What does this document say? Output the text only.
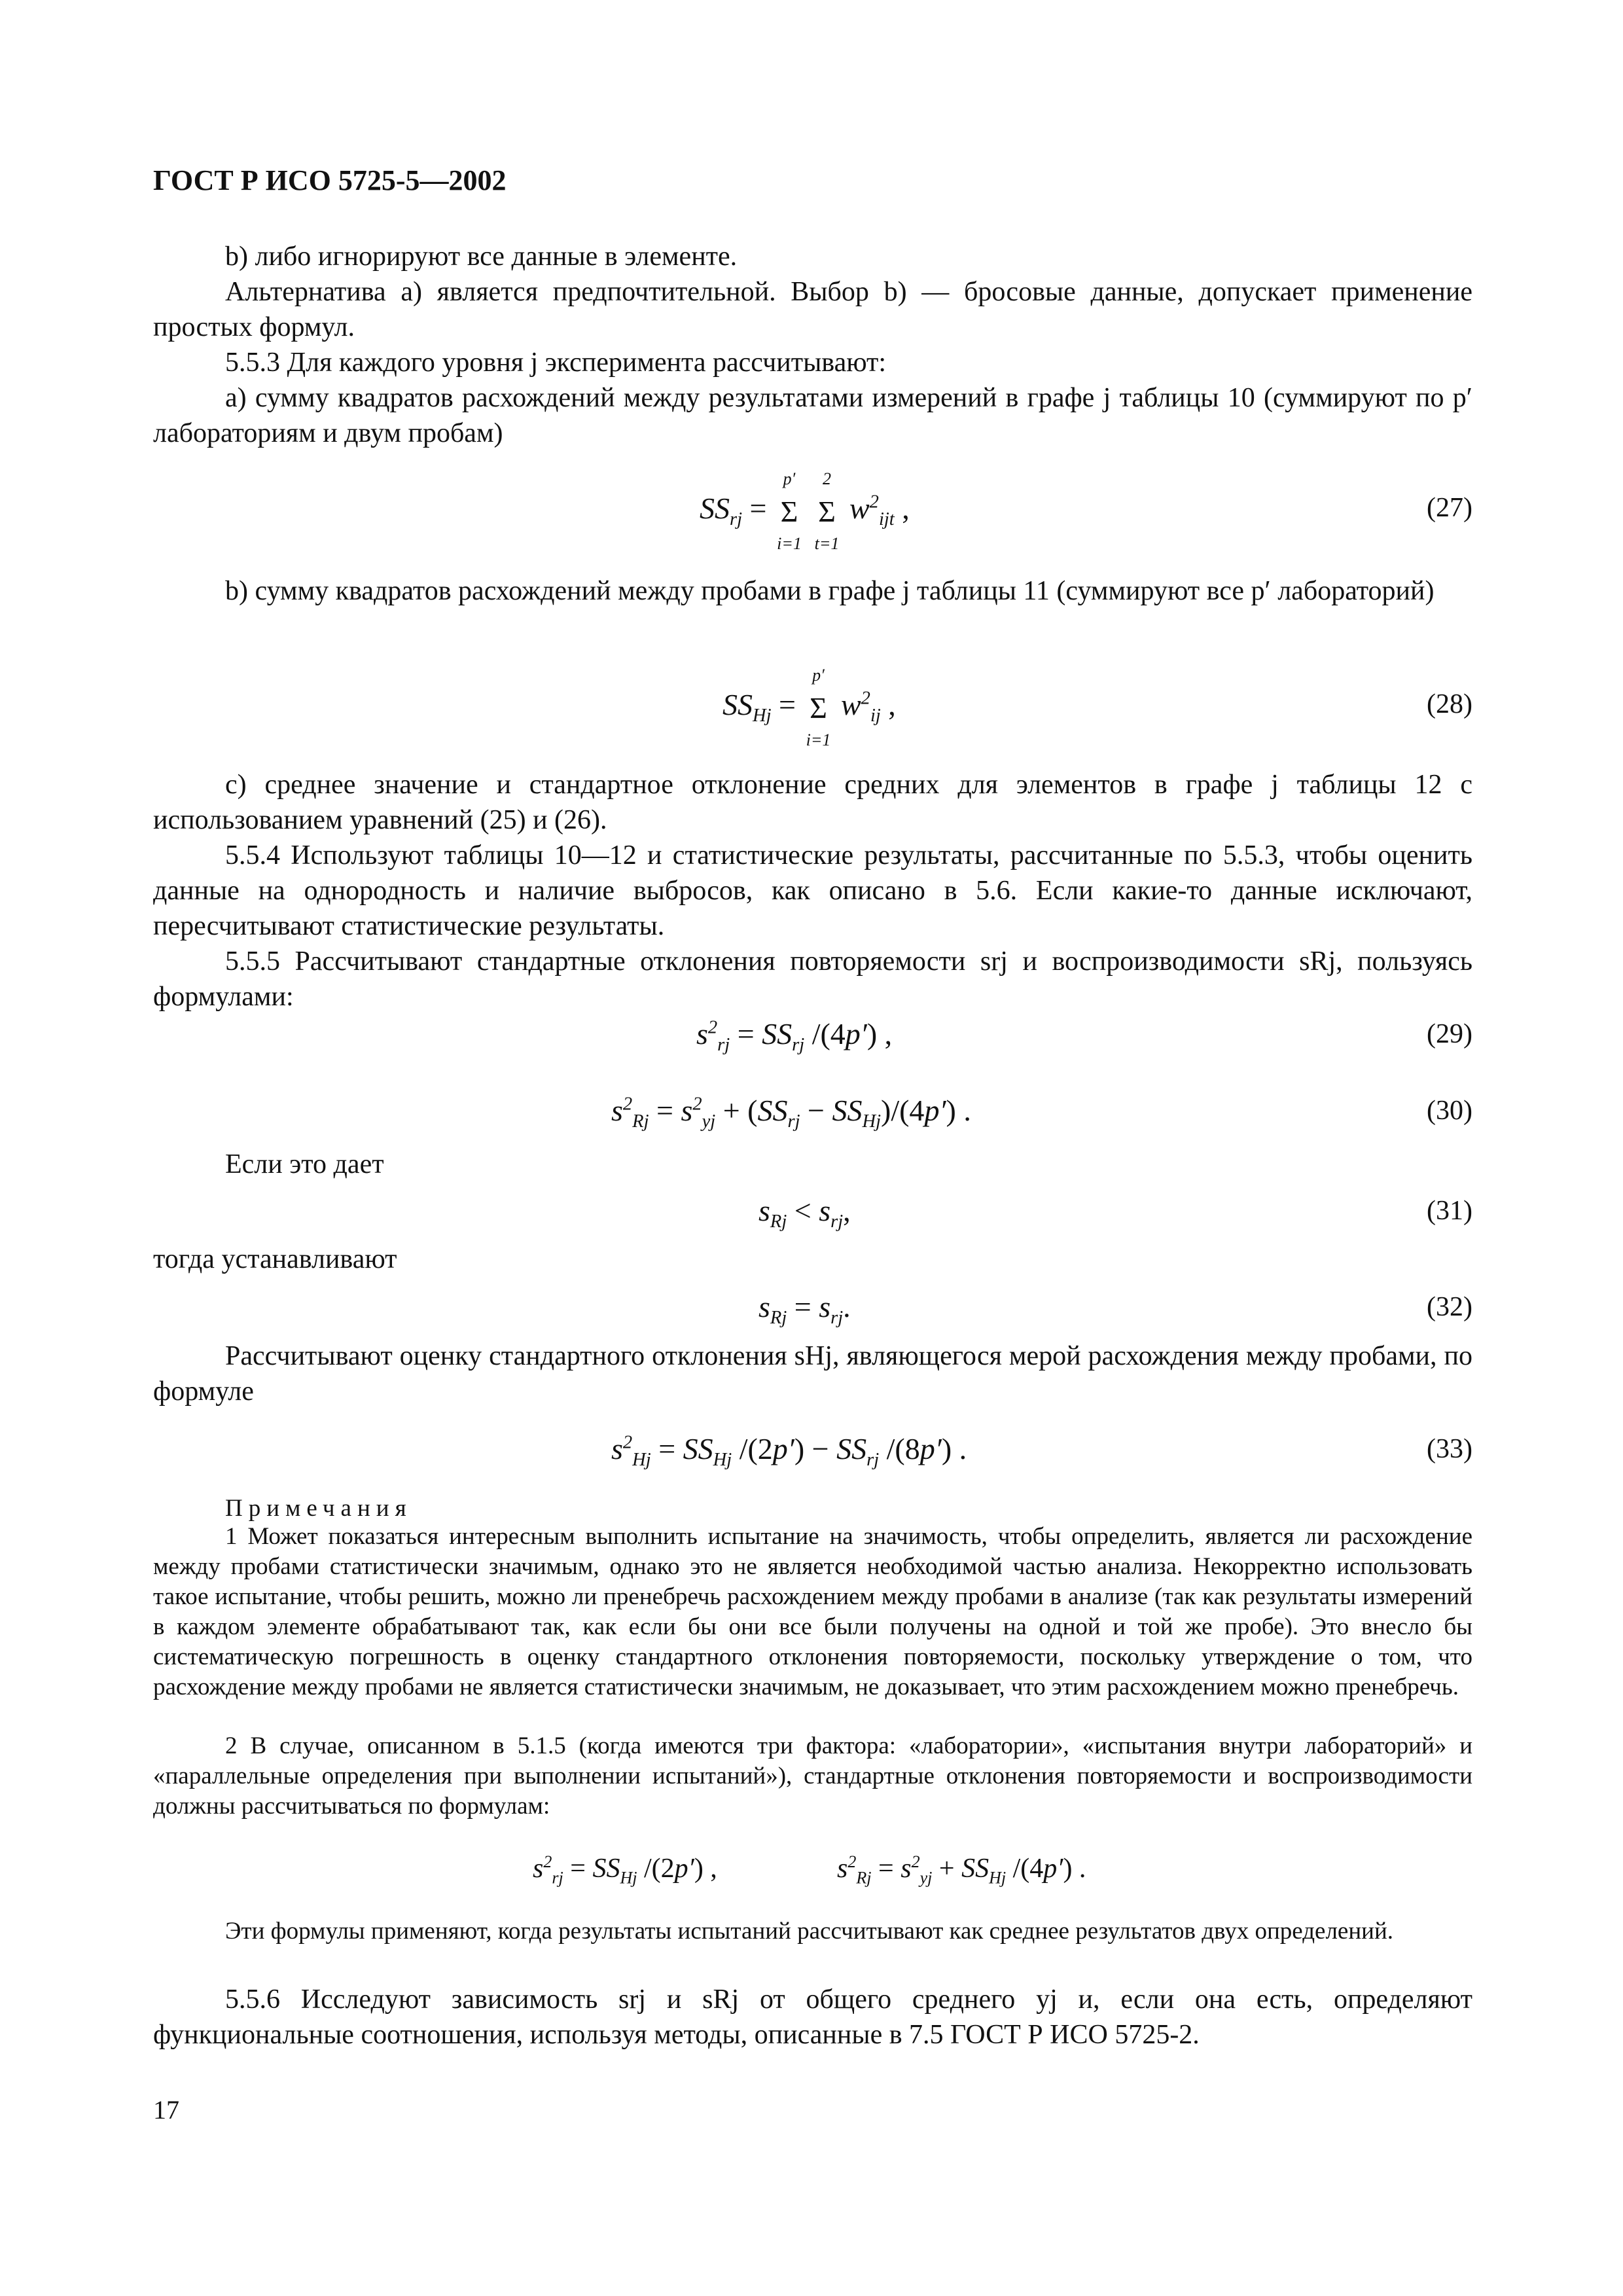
ГОСТ Р ИСО 5725-5—2002
b) либо игнорируют все данные в элементе.
Альтернатива а) является предпочтительной. Выбор b) — бросовые данные, допускает применение простых формул.
5.5.3 Для каждого уровня j эксперимента рассчитывают:
а) сумму квадратов расхождений между результатами измерений в графе j таблицы 10 (суммируют по p′ лабораториям и двум пробам)
$SS_{rj} = \Sigma$
p′
i=1
Σ
2
t=1
$w^2_{ijt}$ ,	(27)
b) сумму квадратов расхождений между пробами в графе j таблицы 11 (суммируют все p′ лабораторий)
$SS_{Hj} = \Sigma$
p′
i=1
$w^2_{ij}$ ,	(28)
с) среднее значение и стандартное отклонение средних для элементов в графе j таблицы 12 с использованием уравнений (25) и (26).
5.5.4 Используют таблицы 10—12 и статистические результаты, рассчитанные по 5.5.3, чтобы оценить данные на однородность и наличие выбросов, как описано в 5.6. Если какие-то данные исключают, пересчитывают статистические результаты.
5.5.5 Рассчитывают стандартные отклонения повторяемости srj и воспроизводимости sRj, пользуясь формулами:
$s^2_{rj} = SS_{rj}$ /(4p′) ,	(29)
$s^2_{Rj} = s^2_{yj} + (SS_{rj} - SS_{Hj})/(4p')$ .	(30)
Если это дает
$s_{Rj} < s_{rj}$,	(31)
тогда устанавливают
$s_{Rj} = s_{rj}$.	(32)
Рассчитывают оценку стандартного отклонения sHj, являющегося мерой расхождения между пробами, по формуле
$s^2_{Hj} = SS_{Hj}$ $/(2p') - SS_{rj}$ /(8p′) .	(33)
Примечания
1 Может показаться интересным выполнить испытание на значимость, чтобы определить, является ли расхождение между пробами статистически значимым, однако это не является необходимой частью анализа. Некорректно использовать такое испытание, чтобы решить, можно ли пренебречь расхождением между пробами в анализе (так как результаты измерений в каждом элементе обрабатывают так, как если бы они все были получены на одной и той же пробе). Это внесло бы систематическую погрешность в оценку стандартного отклонения повторяемости, поскольку утверждение о том, что расхождение между пробами не является статистически значимым, не доказывает, что этим расхождением можно пренебречь.
2 В случае, описанном в 5.1.5 (когда имеются три фактора: «лаборатории», «испытания внутри лабораторий» и «параллельные определения при выполнении испытаний»), стандартные отклонения повторяемости и воспроизводимости должны рассчитываться по формулам:
$s^2_{rj} = SS_{Hj}$ /(2p′) ,	$s^2_{Rj} = s^2_{yj} + SS_{Hj}$ /(4p′) .
Эти формулы применяют, когда результаты испытаний рассчитывают как среднее результатов двух определений.
5.5.6 Исследуют зависимость srj и sRj от общего среднего yj и, если она есть, определяют функциональные соотношения, используя методы, описанные в 7.5 ГОСТ Р ИСО 5725-2.
17
